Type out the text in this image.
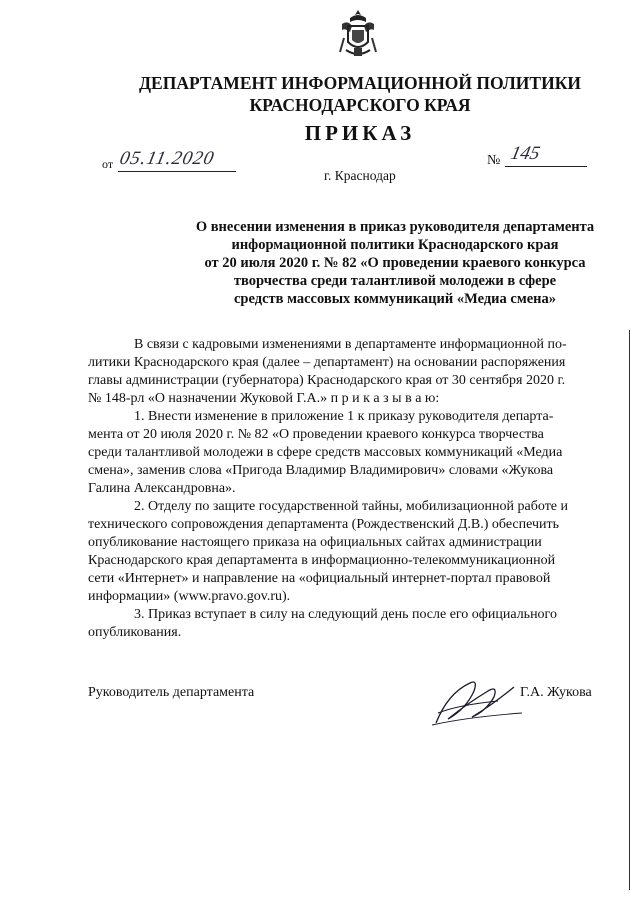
ДЕПАРТАМЕНТ ИНФОРМАЦИОННОЙ ПОЛИТИКИ
КРАСНОДАРСКОГО КРАЯ
ПРИКАЗ
от 05.11.2020	№ 145
г. Краснодар
О внесении изменения в приказ руководителя департамента
информационной политики Краснодарского края
от 20 июля 2020 г. № 82 «О проведении краевого конкурса
творчества среди талантливой молодежи в сфере
средств массовых коммуникаций «Медиа смена»
В связи с кадровыми изменениями в департаменте информационной по-
литики Краснодарского края (далее – департамент) на основании распоряжения
главы администрации (губернатора) Краснодарского края от 30 сентября 2020 г.
№ 148-рл «О назначении Жуковой Г.А.» п р и к а з ы в а ю:
1. Внести изменение в приложение 1 к приказу руководителя департа-
мента от 20 июля 2020 г. № 82 «О проведении краевого конкурса творчества
среди талантливой молодежи в сфере средств массовых коммуникаций «Медиа
смена», заменив слова «Пригода Владимир Владимирович» словами «Жукова
Галина Александровна».
2. Отделу по защите государственной тайны, мобилизационной работе и
технического сопровождения департамента (Рождественский Д.В.) обеспечить
опубликование настоящего приказа на официальных сайтах администрации
Краснодарского края департамента в информационно-телекоммуникационной
сети «Интернет» и направление на «официальный интернет-портал правовой
информации» (www.pravo.gov.ru).
3. Приказ вступает в силу на следующий день после его официального
опубликования.
Руководитель департамента	Г.А. Жукова
